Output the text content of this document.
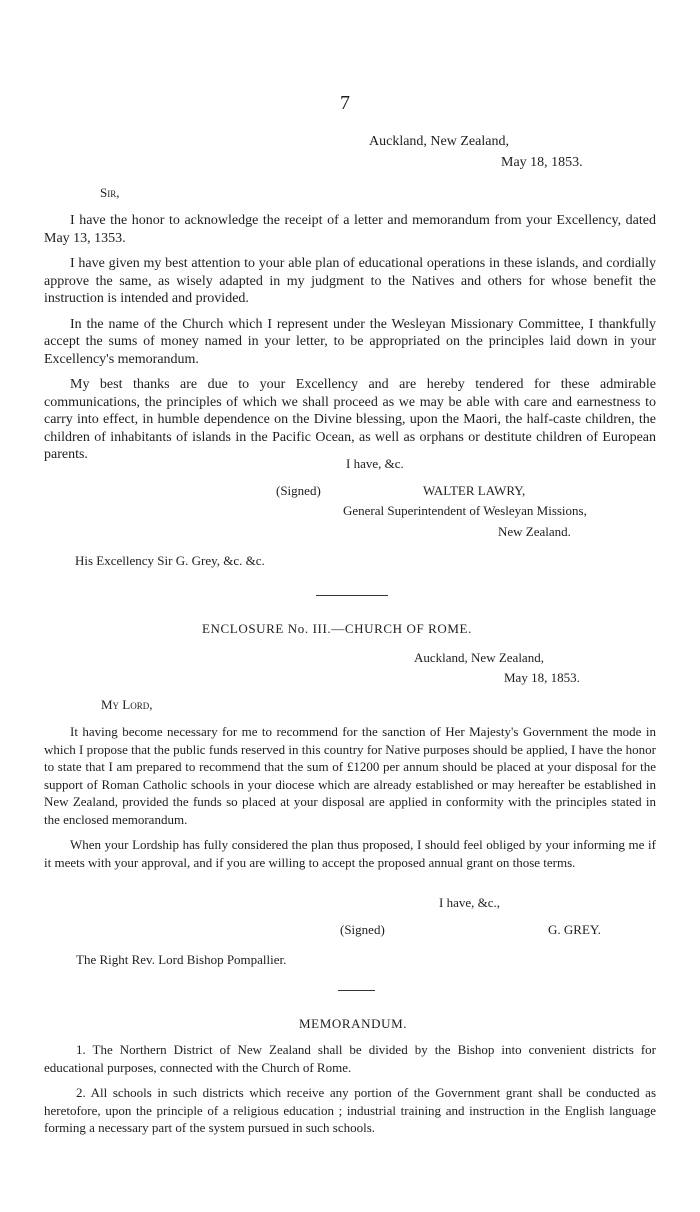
7
Auckland, New Zealand,
May 18, 1853.
Sir,

I have the honor to acknowledge the receipt of a letter and memorandum from your Excellency, dated May 13, 1353.

I have given my best attention to your able plan of educational operations in these islands, and cordially approve the same, as wisely adapted in my judgment to the Natives and others for whose benefit the instruction is intended and provided.

In the name of the Church which I represent under the Wesleyan Missionary Committee, I thankfully accept the sums of money named in your letter, to be appropriated on the principles laid down in your Excellency's memorandum.

My best thanks are due to your Excellency and are hereby tendered for these admirable communications, the principles of which we shall proceed as we may be able with care and earnestness to carry into effect, in humble dependence on the Divine blessing, upon the Maori, the half-caste children, the children of inhabitants of islands in the Pacific Ocean, as well as orphans or destitute children of European parents.

I have, &c.
(Signed)	WALTER LAWRY,
General Superintendent of Wesleyan Missions,
New Zealand.
His Excellency Sir G. Grey, &c. &c.
ENCLOSURE No. III.—CHURCH OF ROME.
Auckland, New Zealand,
May 18, 1853.
My Lord,

It having become necessary for me to recommend for the sanction of Her Majesty's Government the mode in which I propose that the public funds reserved in this country for Native purposes should be applied, I have the honor to state that I am prepared to recommend that the sum of £1200 per annum should be placed at your disposal for the support of Roman Catholic schools in your diocese which are already established or may hereafter be established in New Zealand, provided the funds so placed at your disposal are applied in conformity with the principles stated in the enclosed memorandum.

When your Lordship has fully considered the plan thus proposed, I should feel obliged by your informing me if it meets with your approval, and if you are willing to accept the proposed annual grant on those terms.

I have, &c.,
(Signed)	G. GREY.
The Right Rev. Lord Bishop Pompallier.
MEMORANDUM.

1. The Northern District of New Zealand shall be divided by the Bishop into convenient districts for educational purposes, connected with the Church of Rome.

2. All schools in such districts which receive any portion of the Government grant shall be conducted as heretofore, upon the principle of a religious education ; industrial training and instruction in the English language forming a necessary part of the system pursued in such schools.
